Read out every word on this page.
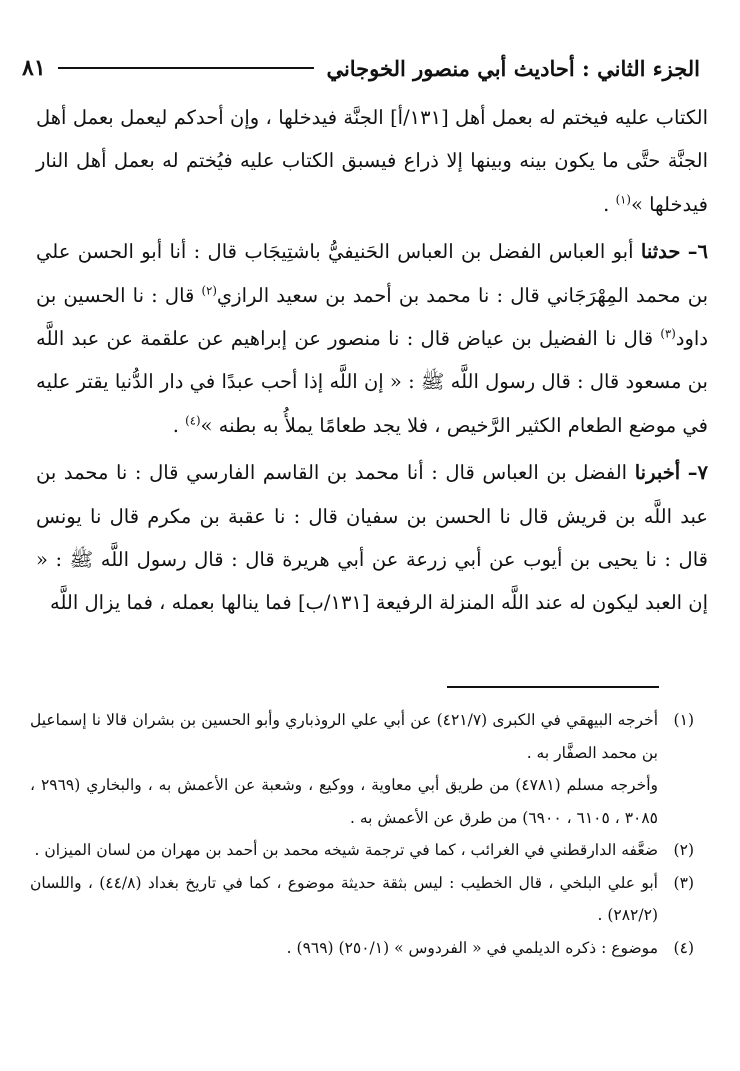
الجزء الثاني : أحاديث أبي منصور الخوجاني
٨١

الكتاب عليه فيختم له بعمل أهل [١٣١/أ] الجنَّة فيدخلها ، وإن أحدكم ليعمل بعمل أهل الجنَّة حتَّى ما يكون بينه وبينها إلا ذراع فيسبق الكتاب عليه فيُختم له بعمل أهل النار فيدخلها »$^{(١)}$ .

٦– حدثنا أبو العباس الفضل بن العباس الحَنيفيُّ باشتِيجَاب قال : أنا أبو الحسن علي بن محمد المِهْرَجَاني قال : نا محمد بن أحمد بن سعيد الرازي$^{(٢)}$ قال : نا الحسين بن داود$^{(٣)}$ قال نا الفضيل بن عياض قال : نا منصور عن إبراهيم عن علقمة عن عبد اللَّه بن مسعود قال : قال رسول اللَّه ﷺ : « إن اللَّه إذا أحب عبدًا في دار الدُّنيا يقتر عليه في موضع الطعام الكثير الرَّخيص ، فلا يجد طعامًا يملأُ به بطنه »$^{(٤)}$ .

٧– أخبرنا الفضل بن العباس قال : أنا محمد بن القاسم الفارسي قال : نا محمد بن عبد اللَّه بن قريش قال نا الحسن بن سفيان قال : نا عقبة بن مكرم قال نا يونس قال : نا يحيى بن أيوب عن أبي زرعة عن أبي هريرة قال : قال رسول اللَّه ﷺ : « إن العبد ليكون له عند اللَّه المنزلة الرفيعة [١٣١/ب] فما ينالها بعمله ، فما يزال اللَّه

(١)
أخرجه البيهقي في الكبرى (٤٢١/٧) عن أبي علي الروذباري وأبو الحسين بن بشران قالا نا إسماعيل بن محمد الصفَّار به .

وأخرجه مسلم (٤٧٨١) من طريق أبي معاوية ، ووكيع ، وشعبة عن الأعمش به ، والبخاري (٢٩٦٩ ، ٣٠٨٥ ، ٦١٠٥ ، ٦٩٠٠) من طرق عن الأعمش به .

(٢)
ضعَّفه الدارقطني في الغرائب ، كما في ترجمة شيخه محمد بن أحمد بن مهران من لسان الميزان .

(٣)
أبو علي البلخي ، قال الخطيب : ليس بثقة حديثة موضوع ، كما في تاريخ بغداد (٤٤/٨) ، واللسان (٢٨٢/٢) .

(٤)
موضوع : ذكره الديلمي في « الفردوس » (٢٥٠/١) (٩٦٩) .
